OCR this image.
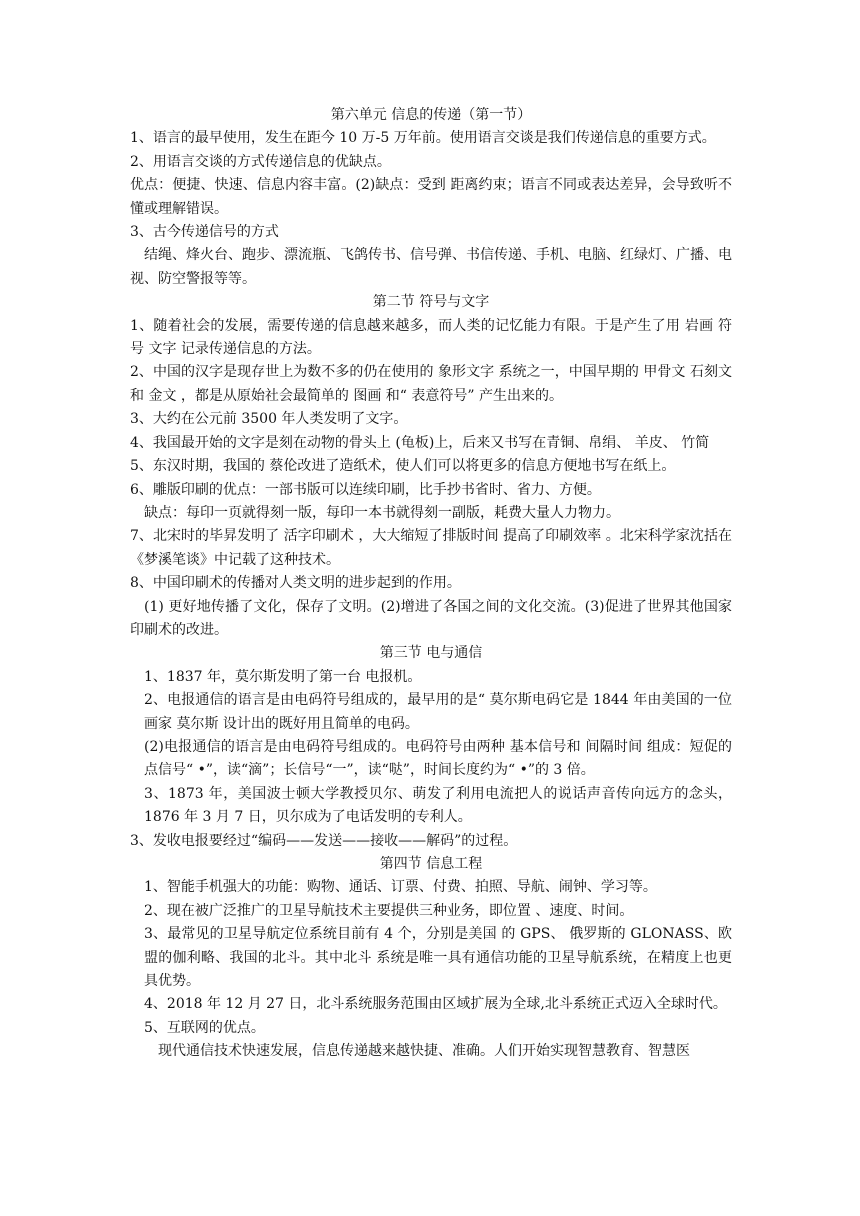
第六单元 信息的传递（第一节）

1、语言的最早使用，发生在距今 10 万-5 万年前。使用语言交谈是我们传递信息的重要方式。

2、用语言交谈的方式传递信息的优缺点。

优点：便捷、快速、信息内容丰富。(2)缺点：受到 距离约束；语言不同或表达差异，会导致听不懂或理解错误。

3、古今传递信号的方式

结绳、烽火台、跑步、漂流瓶、飞鸽传书、信号弹、书信传递、手机、电脑、红绿灯、广播、电视、防空警报等等。

第二节 符号与文字

1、随着社会的发展，需要传递的信息越来越多，而人类的记忆能力有限。于是产生了用 岩画 符号 文字 记录传递信息的方法。

2、中国的汉字是现存世上为数不多的仍在使用的 象形文字 系统之一，中国早期的 甲骨文 石刻文 和 金文 ，都是从原始社会最简单的 图画 和“ 表意符号” 产生出来的。

3、大约在公元前 3500 年人类发明了文字。

4、我国最开始的文字是刻在动物的骨头上 (龟板)上，后来又书写在青铜、帛绢、 羊皮、 竹简

5、东汉时期，我国的 蔡伦改进了造纸术，使人们可以将更多的信息方便地书写在纸上。

6、雕版印刷的优点：一部书版可以连续印刷，比手抄书省时、省力、方便。

缺点：每印一页就得刻一版，每印一本书就得刻一副版，耗费大量人力物力。

7、北宋时的毕昇发明了 活字印刷术 ，大大缩短了排版时间 提高了印刷效率 。北宋科学家沈括在《梦溪笔谈》中记载了这种技术。

8、中国印刷术的传播对人类文明的进步起到的作用。

(1) 更好地传播了文化，保存了文明。(2)增进了各国之间的文化交流。(3)促进了世界其他国家印刷术的改进。

第三节 电与通信

1、1837 年，莫尔斯发明了第一台 电报机。

2、电报通信的语言是由电码符号组成的，最早用的是“ 莫尔斯电码它是 1844 年由美国的一位画家 莫尔斯 设计出的既好用且简单的电码。

(2)电报通信的语言是由电码符号组成的。电码符号由两种 基本信号和 间隔时间 组成：短促的点信号“ •”，读“滴”；长信号“一”，读“哒”，时间长度约为“ •”的 3 倍。

3、1873 年，美国波士顿大学教授贝尔、萌发了利用电流把人的说话声音传向远方的念头，1876 年 3 月 7 日，贝尔成为了电话发明的专利人。

3、发收电报要经过“编码——发送——接收——解码”的过程。

第四节 信息工程

1、智能手机强大的功能：购物、通话、订票、付费、拍照、导航、闹钟、学习等。

2、现在被广泛推广的卫星导航技术主要提供三种业务，即位置 、速度、时间。

3、最常见的卫星导航定位系统目前有 4 个，分别是美国 的 GPS、 俄罗斯的 GLONASS、欧盟的伽利略、我国的北斗。其中北斗 系统是唯一具有通信功能的卫星导航系统，在精度上也更具优势。

4、2018 年 12 月 27 日，北斗系统服务范围由区域扩展为全球,北斗系统正式迈入全球时代。

5、互联网的优点。

现代通信技术快速发展，信息传递越来越快捷、准确。人们开始实现智慧教育、智慧医
